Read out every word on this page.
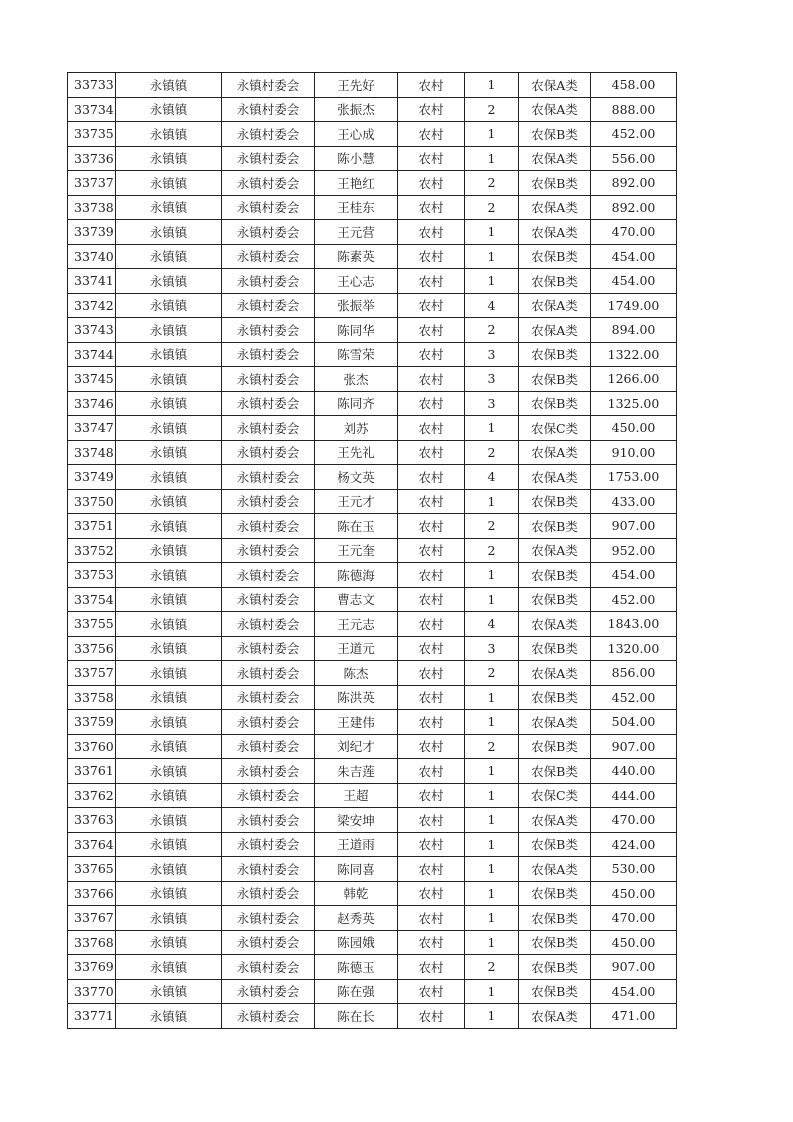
33733	永镇镇	永镇村委会	王先好	农村	1	农保A类	458.00
33734	永镇镇	永镇村委会	张振杰	农村	2	农保A类	888.00
33735	永镇镇	永镇村委会	王心成	农村	1	农保B类	452.00
33736	永镇镇	永镇村委会	陈小慧	农村	1	农保A类	556.00
33737	永镇镇	永镇村委会	王艳红	农村	2	农保B类	892.00
33738	永镇镇	永镇村委会	王桂东	农村	2	农保A类	892.00
33739	永镇镇	永镇村委会	王元营	农村	1	农保A类	470.00
33740	永镇镇	永镇村委会	陈素英	农村	1	农保B类	454.00
33741	永镇镇	永镇村委会	王心志	农村	1	农保B类	454.00
33742	永镇镇	永镇村委会	张振举	农村	4	农保A类	1749.00
33743	永镇镇	永镇村委会	陈同华	农村	2	农保A类	894.00
33744	永镇镇	永镇村委会	陈雪荣	农村	3	农保B类	1322.00
33745	永镇镇	永镇村委会	张杰	农村	3	农保B类	1266.00
33746	永镇镇	永镇村委会	陈同齐	农村	3	农保B类	1325.00
33747	永镇镇	永镇村委会	刘苏	农村	1	农保C类	450.00
33748	永镇镇	永镇村委会	王先礼	农村	2	农保A类	910.00
33749	永镇镇	永镇村委会	杨文英	农村	4	农保A类	1753.00
33750	永镇镇	永镇村委会	王元才	农村	1	农保B类	433.00
33751	永镇镇	永镇村委会	陈在玉	农村	2	农保B类	907.00
33752	永镇镇	永镇村委会	王元奎	农村	2	农保A类	952.00
33753	永镇镇	永镇村委会	陈德海	农村	1	农保B类	454.00
33754	永镇镇	永镇村委会	曹志文	农村	1	农保B类	452.00
33755	永镇镇	永镇村委会	王元志	农村	4	农保A类	1843.00
33756	永镇镇	永镇村委会	王道元	农村	3	农保B类	1320.00
33757	永镇镇	永镇村委会	陈杰	农村	2	农保A类	856.00
33758	永镇镇	永镇村委会	陈洪英	农村	1	农保B类	452.00
33759	永镇镇	永镇村委会	王建伟	农村	1	农保A类	504.00
33760	永镇镇	永镇村委会	刘纪才	农村	2	农保B类	907.00
33761	永镇镇	永镇村委会	朱吉莲	农村	1	农保B类	440.00
33762	永镇镇	永镇村委会	王超	农村	1	农保C类	444.00
33763	永镇镇	永镇村委会	梁安坤	农村	1	农保A类	470.00
33764	永镇镇	永镇村委会	王道雨	农村	1	农保B类	424.00
33765	永镇镇	永镇村委会	陈同喜	农村	1	农保A类	530.00
33766	永镇镇	永镇村委会	韩乾	农村	1	农保B类	450.00
33767	永镇镇	永镇村委会	赵秀英	农村	1	农保B类	470.00
33768	永镇镇	永镇村委会	陈园娥	农村	1	农保B类	450.00
33769	永镇镇	永镇村委会	陈德玉	农村	2	农保B类	907.00
33770	永镇镇	永镇村委会	陈在强	农村	1	农保B类	454.00
33771	永镇镇	永镇村委会	陈在长	农村	1	农保A类	471.00
